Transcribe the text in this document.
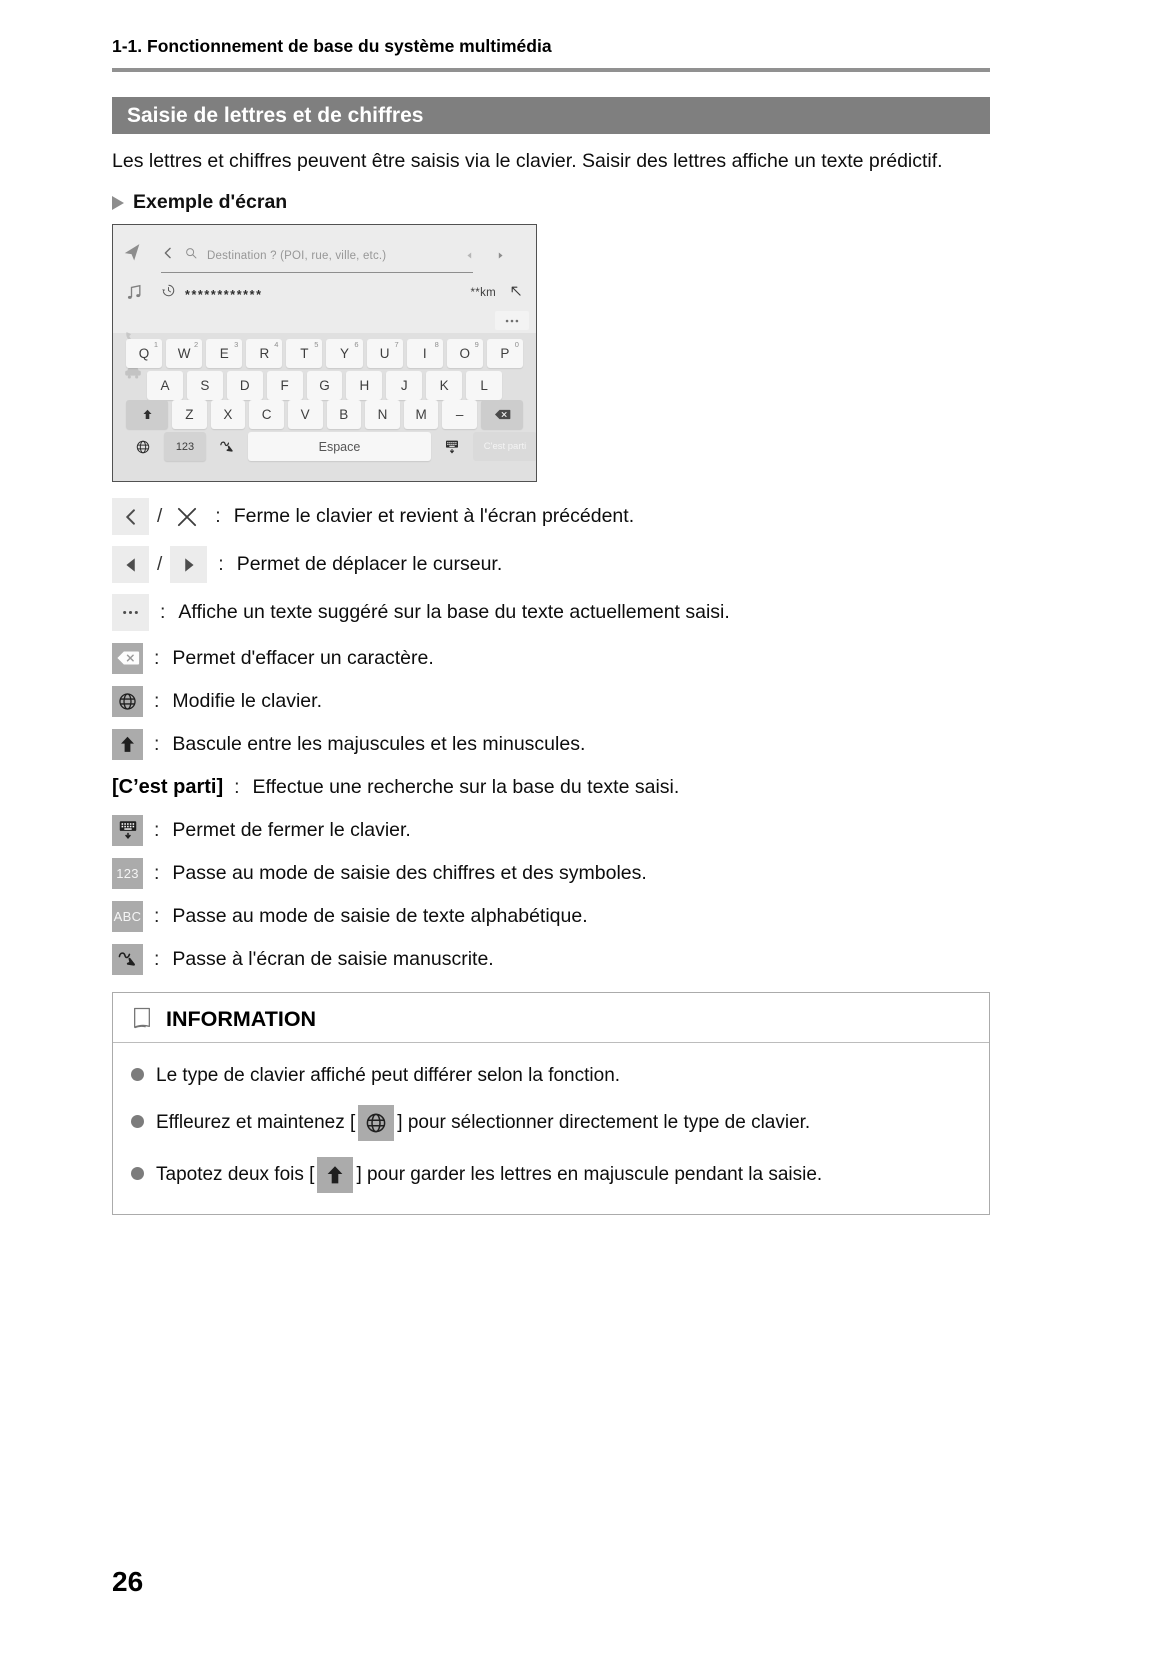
1-1. Fonctionnement de base du système multimédia
Saisie de lettres et de chiffres

Les lettres et chiffres peuvent être saisis via le clavier. Saisir des lettres affiche un texte prédictif.

Exemple d'écran
Destination ? (POI, rue, ville, etc.)
************	**km
Q
1
W
2
E
3
R
4
T
5
Y
6
U
7
I
8
O
9
P
0
A	S	D	F	G	H	J	K	L
Z	X	C	V	B	N	M	–
123	Espace	C'est parti
/	: Ferme le clavier et revient à l'écran précédent.
/	: Permet de déplacer le curseur.
: Affiche un texte suggéré sur la base du texte actuellement saisi.
: Permet d'effacer un caractère.
: Modifie le clavier.
: Bascule entre les majuscules et les minuscules.
[C’est parti] : Effectue une recherche sur la base du texte saisi.
: Permet de fermer le clavier.
123 : Passe au mode de saisie des chiffres et des symboles.
ABC : Passe au mode de saisie de texte alphabétique.
: Passe à l'écran de saisie manuscrite.
INFORMATION
Le type de clavier affiché peut différer selon la fonction.
Effleurez et maintenez [ ] pour sélectionner directement le type de clavier.
Tapotez deux fois [ ] pour garder les lettres en majuscule pendant la saisie.
26
